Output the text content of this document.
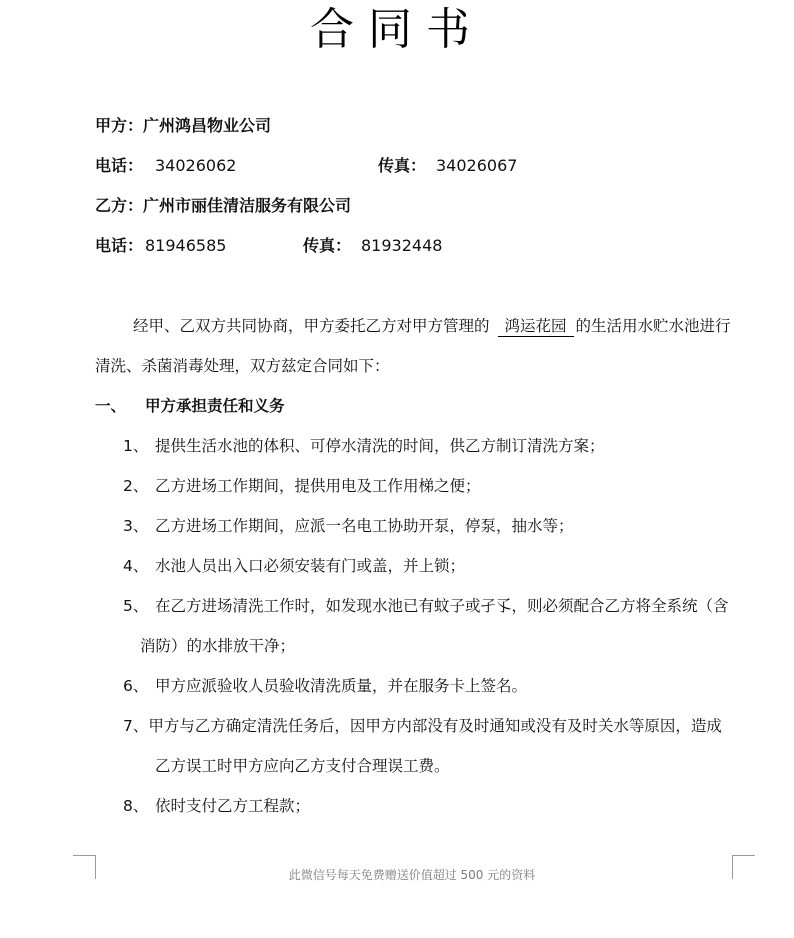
合 同 书
甲方：广州鸿昌物业公司
电话： 34026062	传真： 34026067
乙方：广州市丽佳清洁服务有限公司
电话： 81946585	传真： 81932448
经甲、乙双方共同协商，甲方委托乙方对甲方管理的 鸿运花园 的生活用水贮水池进行
清洗、杀菌消毒处理，双方兹定合同如下：
一、 甲方承担责任和义务
1、 提供生活水池的体积、可停水清洗的时间，供乙方制订清洗方案；
2、 乙方进场工作期间，提供用电及工作用梯之便；
3、 乙方进场工作期间，应派一名电工协助开泵，停泵，抽水等；
4、 水池人员出入口必须安装有门或盖，并上锁；
5、 在乙方进场清洗工作时，如发现水池已有蚊子或孑孓，则必须配合乙方将全系统（含
消防）的水排放干净；
6、 甲方应派验收人员验收清洗质量，并在服务卡上签名。
7、甲方与乙方确定清洗任务后，因甲方内部没有及时通知或没有及时关水等原因，造成
乙方误工时甲方应向乙方支付合理误工费。
8、 依时支付乙方工程款；
此微信号每天免费赠送价值超过 500 元的资料
